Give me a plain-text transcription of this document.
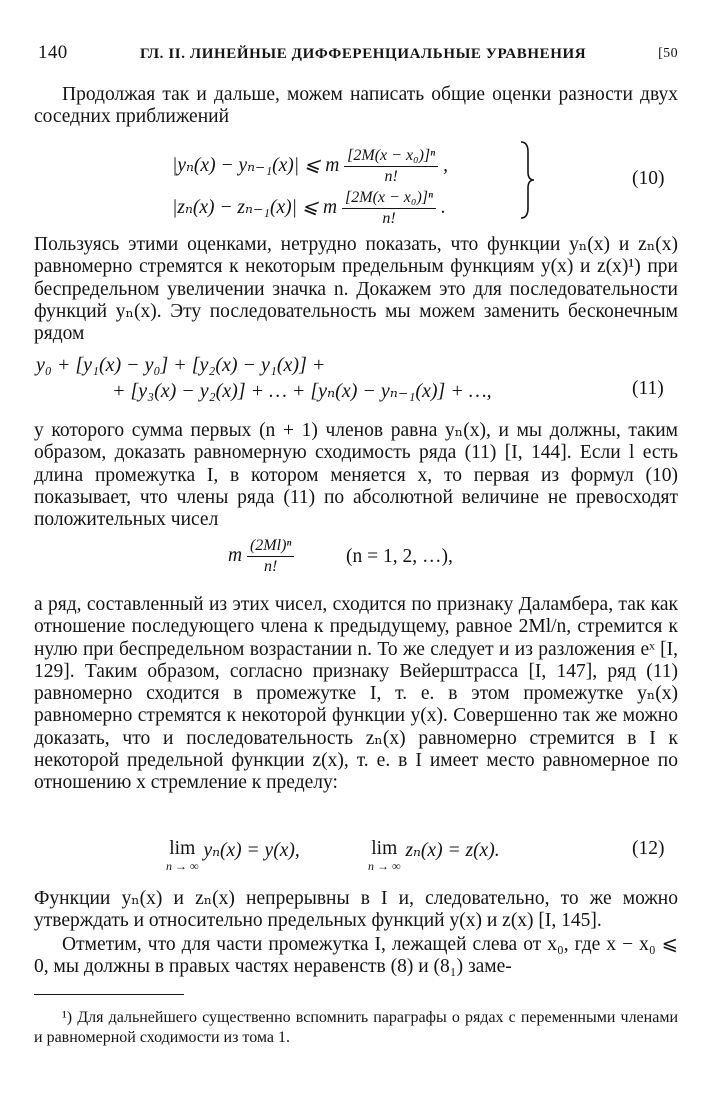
140	ГЛ. II. ЛИНЕЙНЫЕ ДИФФЕРЕНЦИАЛЬНЫЕ УРАВНЕНИЯ	[50
Продолжая так и дальше, можем написать общие оценки разности двух соседних приближений
|yₙ(x) − yₙ₋₁(x)| ⩽ m $\frac{\text{[2M(x − x₀)]ⁿ}}{n!}$ ,
|zₙ(x) − zₙ₋₁(x)| ⩽ m $\frac{\text{[2M(x − x₀)]ⁿ}}{n!}$ .
(10)
Пользуясь этими оценками, нетрудно показать, что функции yₙ(x) и zₙ(x) равномерно стремятся к некоторым предельным функциям y(x) и z(x)¹) при беспредельном увеличении значка n. Докажем это для последовательности функций yₙ(x). Эту последовательность мы можем заменить бесконечным рядом
y₀ + [y₁(x) − y₀] + [y₂(x) − y₁(x)] +
+ [y₃(x) − y₂(x)] + … + [yₙ(x) − yₙ₋₁(x)] + …,	(11)
у которого сумма первых (n + 1) членов равна yₙ(x), и мы должны, таким образом, доказать равномерную сходимость ряда (11) [I, 144]. Если l есть длина промежутка I, в котором меняется x, то первая из формул (10) показывает, что члены ряда (11) по абсолютной величине не превосходят положительных чисел
m $\frac{\text{(2Ml)ⁿ}}{n!}$	(n = 1, 2, …),
а ряд, составленный из этих чисел, сходится по признаку Даламбера, так как отношение последующего члена к предыдущему, равное 2Ml/n, стремится к нулю при беспредельном возрастании n. То же следует и из разложения eˣ [I, 129]. Таким образом, согласно признаку Вейерштрасса [I, 147], ряд (11) равномерно сходится в промежутке I, т. е. в этом промежутке yₙ(x) равномерно стремятся к некоторой функции y(x). Совершенно так же можно доказать, что и последовательность zₙ(x) равномерно стремится в I к некоторой предельной функции z(x), т. е. в I имеет место равномерное по отношению x стремление к пределу:
lim
n → ∞
yₙ(x) = y(x),	lim
n → ∞
zₙ(x) = z(x).	(12)
Функции yₙ(x) и zₙ(x) непрерывны в I и, следовательно, то же можно утверждать и относительно предельных функций y(x) и z(x) [I, 145].
Отметим, что для части промежутка I, лежащей слева от x₀, где x − x₀ ⩽ 0, мы должны в правых частях неравенств (8) и (8₁) заме-
¹) Для дальнейшего существенно вспомнить параграфы о рядах с переменными членами и равномерной сходимости из тома 1.
